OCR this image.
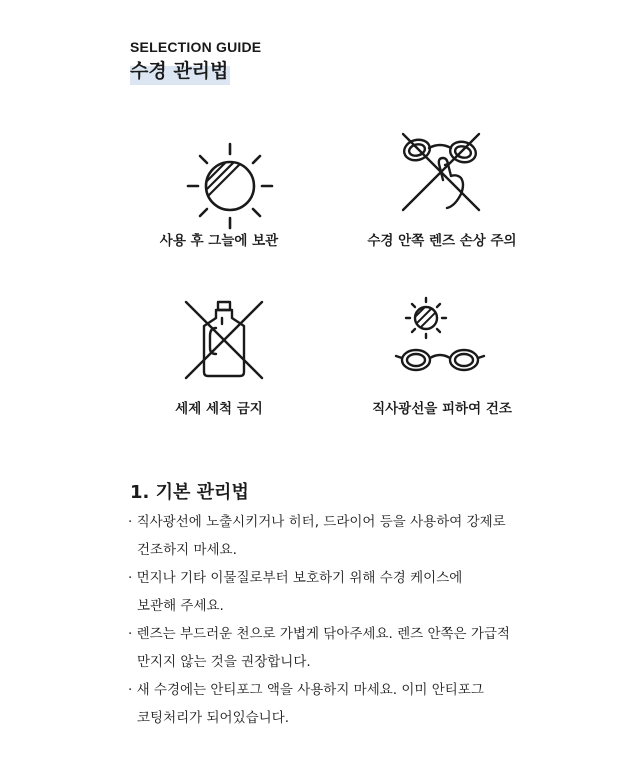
SELECTION GUIDE
수경 관리법
사용 후 그늘에 보관	수경 안쪽 렌즈 손상 주의
세제 세척 금지	직사광선을 피하여 건조
1. 기본 관리법
· 직사광선에 노출시키거나 히터, 드라이어 등을 사용하여 강제로
건조하지 마세요.
· 먼지나 기타 이물질로부터 보호하기 위해 수경 케이스에
보관해 주세요.
· 렌즈는 부드러운 천으로 가볍게 닦아주세요. 렌즈 안쪽은 가급적
만지지 않는 것을 권장합니다.
· 새 수경에는 안티포그 액을 사용하지 마세요. 이미 안티포그
코팅처리가 되어있습니다.
